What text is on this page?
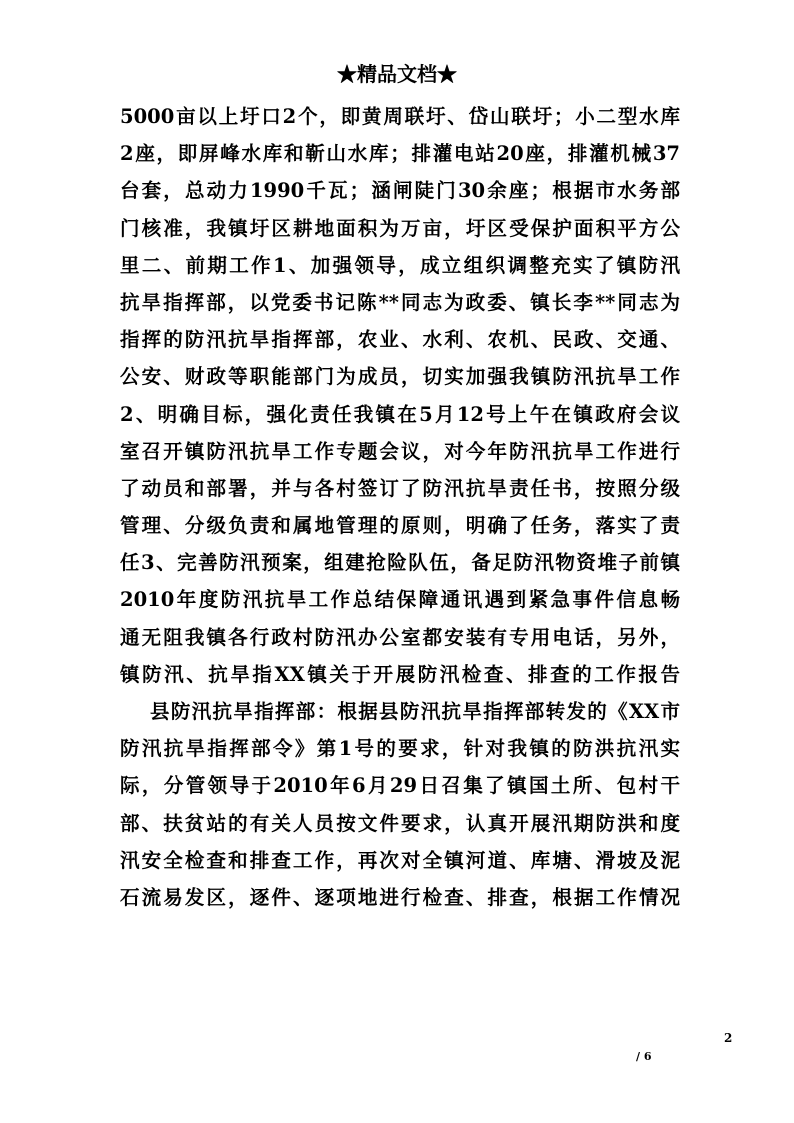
★精品文档★
5000亩以上圩口2个，即黄周联圩、岱山联圩；小二型水库
2座，即屏峰水库和靳山水库；排灌电站20座，排灌机械37
台套，总动力1990千瓦；涵闸陡门30余座；根据市水务部
门核准，我镇圩区耕地面积为万亩，圩区受保护面积平方公
里二、前期工作1、加强领导，成立组织调整充实了镇防汛
抗旱指挥部，以党委书记陈**同志为政委、镇长李**同志为
指挥的防汛抗旱指挥部，农业、水利、农机、民政、交通、
公安、财政等职能部门为成员，切实加强我镇防汛抗旱工作
2、明确目标，强化责任我镇在5月12号上午在镇政府会议
室召开镇防汛抗旱工作专题会议，对今年防汛抗旱工作进行
了动员和部署，并与各村签订了防汛抗旱责任书，按照分级
管理、分级负责和属地管理的原则，明确了任务，落实了责
任3、完善防汛预案，组建抢险队伍，备足防汛物资堆子前镇
2010年度防汛抗旱工作总结保障通讯遇到紧急事件信息畅
通无阻我镇各行政村防汛办公室都安装有专用电话，另外，
镇防汛、抗旱指XX镇关于开展防汛检查、排查的工作报告
县防汛抗旱指挥部：根据县防汛抗旱指挥部转发的《XX市
防汛抗旱指挥部令》第1号的要求，针对我镇的防洪抗汛实
际，分管领导于2010年6月29日召集了镇国土所、包村干
部、扶贫站的有关人员按文件要求，认真开展汛期防洪和度
汛安全检查和排查工作，再次对全镇河道、库塘、滑坡及泥
石流易发区，逐件、逐项地进行检查、排查，根据工作情况
2
/ 6
